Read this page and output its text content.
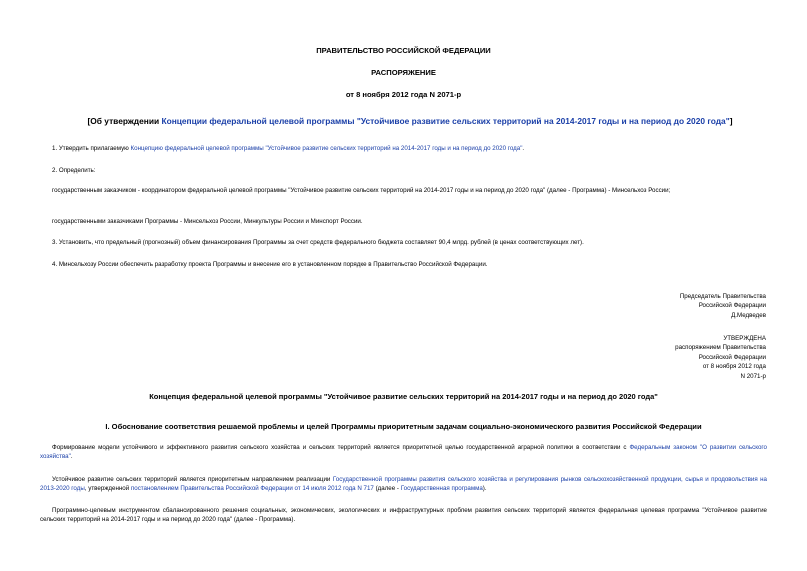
ПРАВИТЕЛЬСТВО РОССИЙСКОЙ ФЕДЕРАЦИИ
РАСПОРЯЖЕНИЕ
от 8 ноября 2012 года N 2071-р
[Об утверждении Концепции федеральной целевой программы "Устойчивое развитие сельских территорий на 2014-2017 годы и на период до 2020 года"]
1. Утвердить прилагаемую Концепцию федеральной целевой программы "Устойчивое развитие сельских территорий на 2014-2017 годы и на период до 2020 года".
2. Определить:
государственным заказчиком - координатором федеральной целевой программы "Устойчивое развитие сельских территорий на 2014-2017 годы и на период до 2020 года" (далее - Программа) - Минсельхоз России;
государственными заказчиками Программы - Минсельхоз России, Минкультуры России и Минспорт России.
3. Установить, что предельный (прогнозный) объем финансирования Программы за счет средств федерального бюджета составляет 90,4 млрд. рублей (в ценах соответствующих лет).
4. Минсельхозу России обеспечить разработку проекта Программы и внесение его в установленном порядке в Правительство Российской Федерации.
Председатель Правительства
Российской Федерации
Д.Медведев
УТВЕРЖДЕНА
распоряжением Правительства
Российской Федерации
от 8 ноября 2012 года
N 2071-р
Концепция федеральной целевой программы "Устойчивое развитие сельских территорий на 2014-2017 годы и на период до 2020 года"
I. Обоснование соответствия решаемой проблемы и целей Программы приоритетным задачам социально-экономического развития Российской Федерации
Формирование модели устойчивого и эффективного развития сельского хозяйства и сельских территорий является приоритетной целью государственной аграрной политики в соответствии с Федеральным законом "О развитии сельского хозяйства".
Устойчивое развитие сельских территорий является приоритетным направлением реализации Государственной программы развития сельского хозяйства и регулирования рынков сельскохозяйственной продукции, сырья и продовольствия на 2013-2020 годы, утвержденной постановлением Правительства Российской Федерации от 14 июля 2012 года N 717 (далее - Государственная программа).
Программно-целевым инструментом сбалансированного решения социальных, экономических, экологических и инфраструктурных проблем развития сельских территорий является федеральная целевая программа "Устойчивое развитие сельских территорий на 2014-2017 годы и на период до 2020 года" (далее - Программа).
